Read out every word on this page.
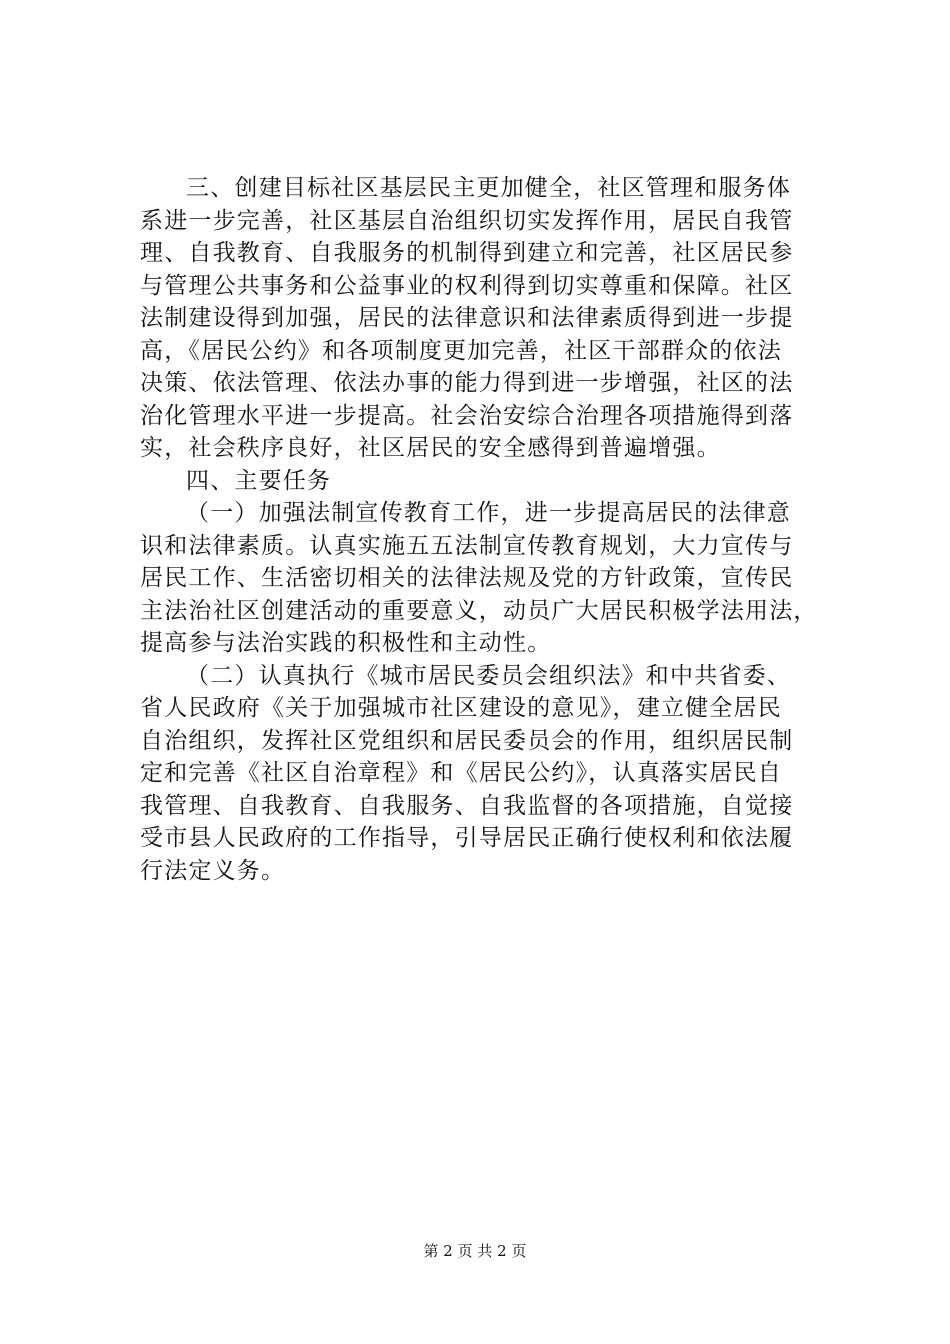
三、创建目标社区基层民主更加健全，社区管理和服务体
系进一步完善，社区基层自治组织切实发挥作用，居民自我管
理、自我教育、自我服务的机制得到建立和完善，社区居民参
与管理公共事务和公益事业的权利得到切实尊重和保障。社区
法制建设得到加强，居民的法律意识和法律素质得到进一步提
高，《居民公约》和各项制度更加完善，社区干部群众的依法
决策、依法管理、依法办事的能力得到进一步增强，社区的法
治化管理水平进一步提高。社会治安综合治理各项措施得到落
实，社会秩序良好，社区居民的安全感得到普遍增强。
四、主要任务
（一）加强法制宣传教育工作，进一步提高居民的法律意
识和法律素质。认真实施五五法制宣传教育规划，大力宣传与
居民工作、生活密切相关的法律法规及党的方针政策，宣传民
主法治社区创建活动的重要意义，动员广大居民积极学法用法，
提高参与法治实践的积极性和主动性。
（二）认真执行《城市居民委员会组织法》和中共省委、
省人民政府《关于加强城市社区建设的意见》，建立健全居民
自治组织，发挥社区党组织和居民委员会的作用，组织居民制
定和完善《社区自治章程》和《居民公约》，认真落实居民自
我管理、自我教育、自我服务、自我监督的各项措施，自觉接
受市县人民政府的工作指导，引导居民正确行使权利和依法履
行法定义务。
第 2 页 共 2 页
